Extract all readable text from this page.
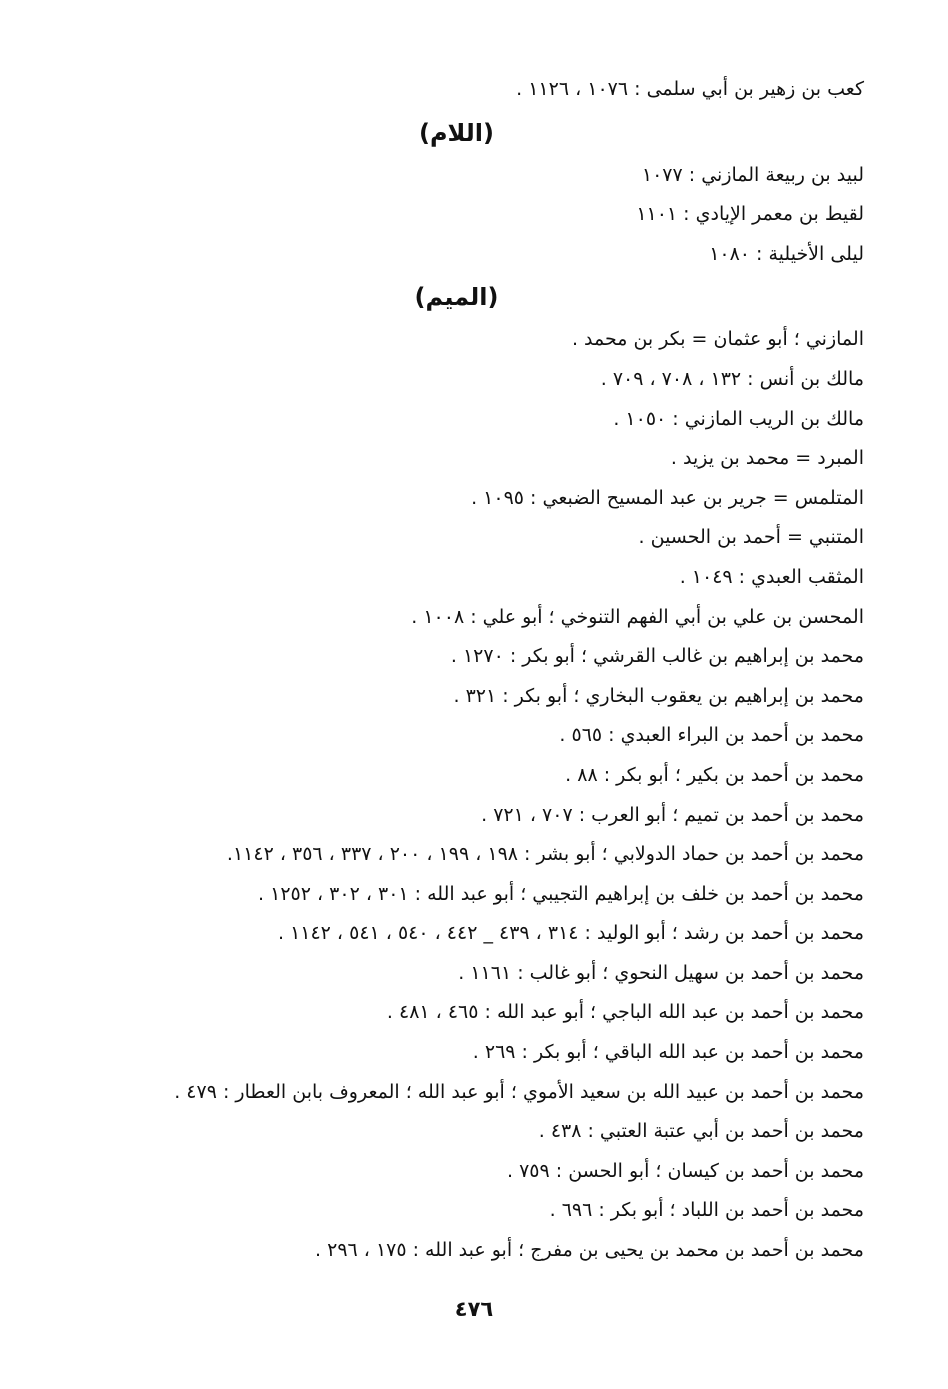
كعب بن زهير بن أبي سلمى : ١٠٧٦ ، ١١٢٦ .
(اللام)
لبيد بن ربيعة المازني : ١٠٧٧
لقيط بن معمر الإيادي : ١١٠١
ليلى الأخيلية : ١٠٨٠
(الميم)
المازني ؛ أبو عثمان = بكر بن محمد .
مالك بن أنس : ١٣٢ ، ٧٠٨ ، ٧٠٩ .
مالك بن الريب المازني : ١٠٥٠ .
المبرد = محمد بن يزيد .
المتلمس = جرير بن عبد المسيح الضبعي : ١٠٩٥ .
المتنبي = أحمد بن الحسين .
المثقب العبدي : ١٠٤٩ .
المحسن بن علي بن أبي الفهم التنوخي ؛ أبو علي : ١٠٠٨ .
محمد بن إبراهيم بن غالب القرشي ؛ أبو بكر : ١٢٧٠ .
محمد بن إبراهيم بن يعقوب البخاري ؛ أبو بكر : ٣٢١ .
محمد بن أحمد بن البراء العبدي : ٥٦٥ .
محمد بن أحمد بن بكير ؛ أبو بكر : ٨٨ .
محمد بن أحمد بن تميم ؛ أبو العرب : ٧٠٧ ، ٧٢١ .
محمد بن أحمد بن حماد الدولابي ؛ أبو بشر : ١٩٨ ، ١٩٩ ، ٢٠٠ ، ٣٣٧ ، ٣٥٦ ، ١١٤٢.
محمد بن أحمد بن خلف بن إبراهيم التجيبي ؛ أبو عبد الله : ٣٠١ ، ٣٠٢ ، ١٢٥٢ .
محمد بن أحمد بن رشد ؛ أبو الوليد : ٣١٤ ، ٤٣٩ _ ٤٤٢ ، ٥٤٠ ، ٥٤١ ، ١١٤٢ .
محمد بن أحمد بن سهيل النحوي ؛ أبو غالب : ١١٦١ .
محمد بن أحمد بن عبد الله الباجي ؛ أبو عبد الله : ٤٦٥ ، ٤٨١ .
محمد بن أحمد بن عبد الله الباقي ؛ أبو بكر : ٢٦٩ .
محمد بن أحمد بن عبيد الله بن سعيد الأموي ؛ أبو عبد الله ؛ المعروف بابن العطار : ٤٧٩ .
محمد بن أحمد بن أبي عتبة العتبي : ٤٣٨ .
محمد بن أحمد بن كيسان ؛ أبو الحسن : ٧٥٩ .
محمد بن أحمد بن اللباد ؛ أبو بكر : ٦٩٦ .
محمد بن أحمد بن محمد بن يحيى بن مفرج ؛ أبو عبد الله : ١٧٥ ، ٢٩٦ .
٤٧٦
